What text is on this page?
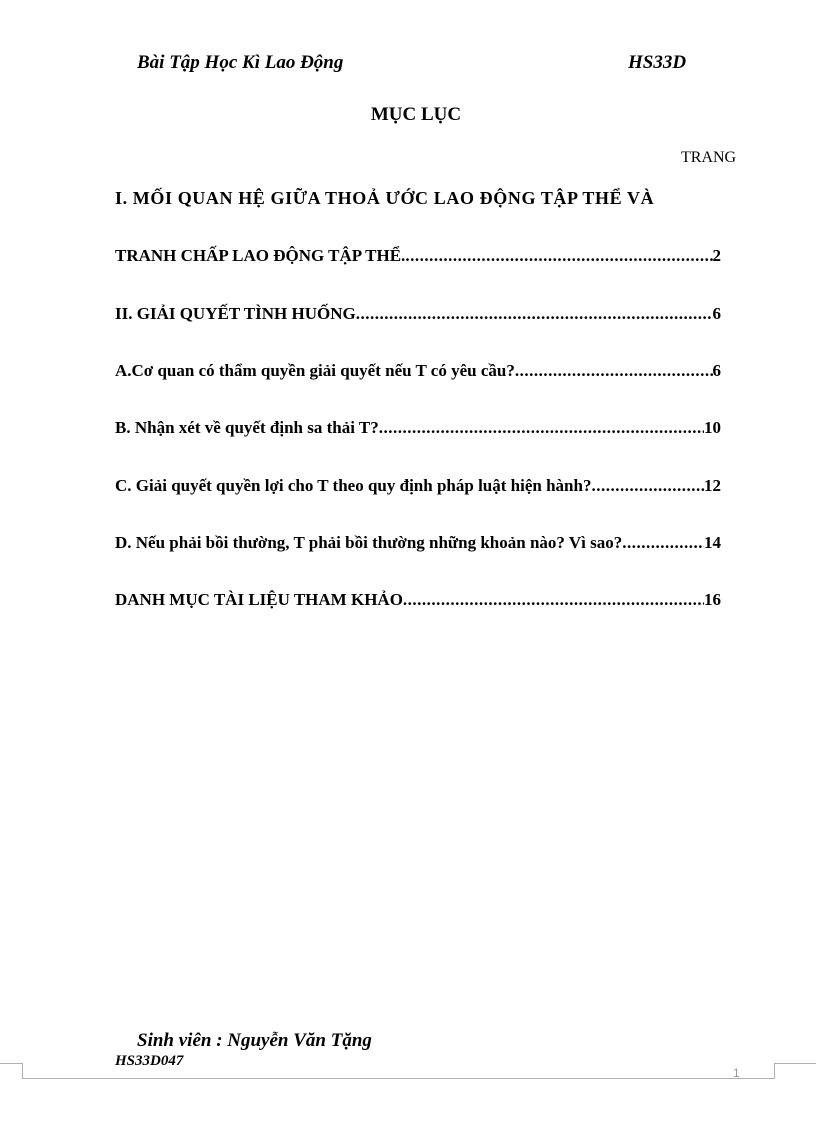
Bài Tập Học Kì Lao Động	HS33D
MỤC LỤC
TRANG
I. MỐI QUAN HỆ GIỮA THOẢ ƯỚC LAO ĐỘNG TẬP THỂ VÀ
TRANH CHẤP LAO ĐỘNG TẬP THỂ. .....	2
II. GIẢI QUYẾT TÌNH HUỐNG .....	6
A.Cơ quan có thẩm quyền giải quyết nếu T có yêu cầu? .....	6
B. Nhận xét về quyết định sa thải T? .....	10
C. Giải quyết quyền lợi cho T theo quy định pháp luật hiện hành? .....	12
D. Nếu phải bồi thường, T phải bồi thường những khoản nào? Vì sao? .....	14
DANH MỤC TÀI LIỆU THAM KHẢO .....	16
Sinh viên : Nguyễn Văn Tặng
HS33D047
1
